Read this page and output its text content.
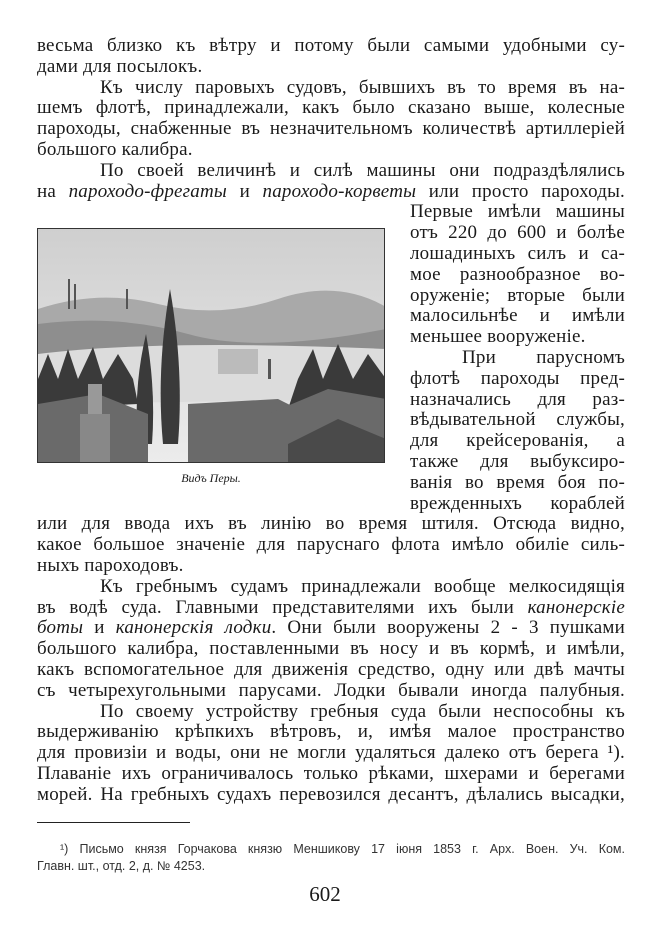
весьма близко къ вѣтру и потому были самыми удобными су-
дами для посылокъ.
Къ числу паровыхъ судовъ, бывшихъ въ то время въ на-
шемъ флотѣ, принадлежали, какъ было сказано выше, колесные
пароходы, снабженные въ незначительномъ количествѣ артиллеріей
большого калибра.
По своей величинѣ и силѣ машины они подраздѣлялись
на пароходо-фрегаты и пароходо-корветы или просто пароходы.
Первые имѣли машины
отъ 220 до 600 и болѣе
лошадиныхъ силъ и са-
мое разнообразное во-
оруженіе; вторые были
малосильнѣе и имѣли
меньшее вооруженіе.
При парусномъ
флотѣ пароходы пред-
назначались для раз-
вѣдывательной службы,
для крейсерованія, а
также для выбуксиро-
ванія во время боя по-
врежденныхъ кораблей
или для ввода ихъ въ линію во время штиля. Отсюда видно,
какое большое значеніе для паруснаго флота имѣло обиліе силь-
ныхъ пароходовъ.
Къ гребнымъ судамъ принадлежали вообще мелкосидящія
въ водѣ суда. Главными представителями ихъ были канонерскіе
боты и канонерскія лодки. Они были вооружены 2 - 3 пушками
большого калибра, поставленными въ носу и въ кормѣ, и имѣли,
какъ вспомогательное для движенія средство, одну или двѣ мачты
съ четырехугольными парусами. Лодки бывали иногда палубныя.
По своему устройству гребныя суда были неспособны къ
выдерживанію крѣпкихъ вѣтровъ, и, имѣя малое пространство
для провизіи и воды, они не могли удаляться далеко отъ берега ¹).
Плаваніе ихъ ограничивалось только рѣками, шхерами и берегами
морей. На гребныхъ судахъ перевозился десантъ, дѣлались высадки,
Видъ Перы.
¹) Письмо князя Горчакова князю Меншикову 17 іюня 1853 г. Арх. Воен. Уч. Ком.
Главн. шт., отд. 2, д. № 4253.
602
